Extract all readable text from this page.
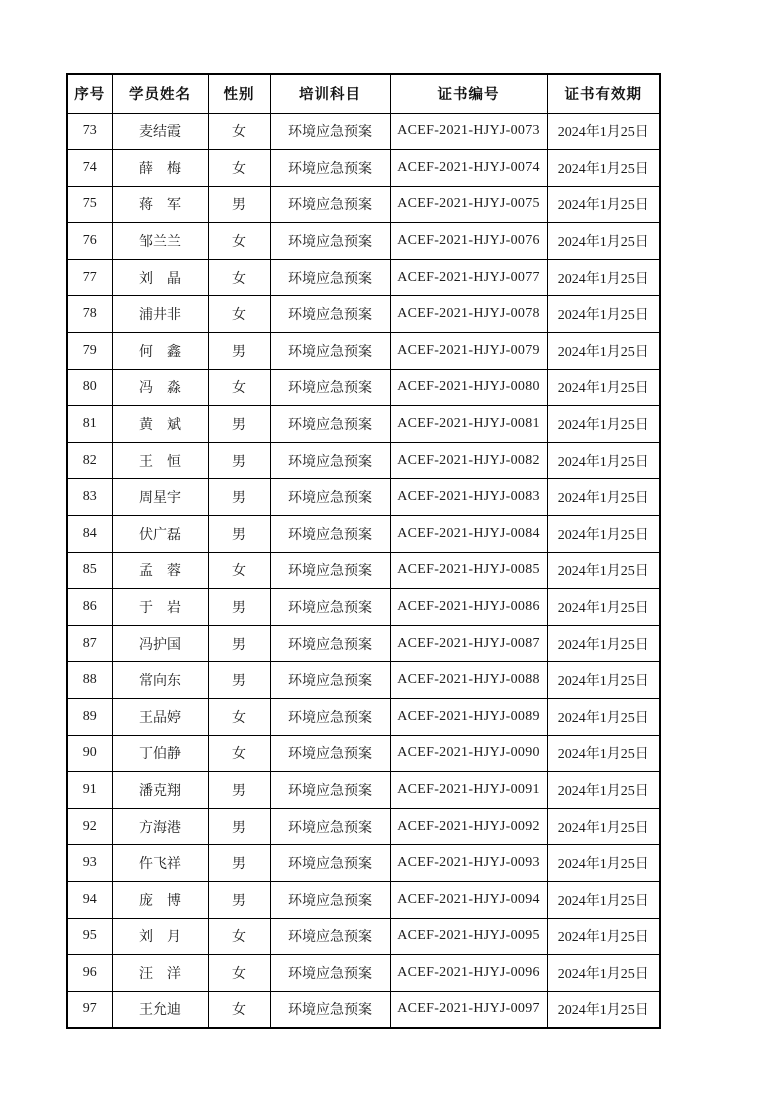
序号	学员姓名	性别	培训科目	证书编号	证书有效期
73	麦结霞	女	环境应急预案	ACEF-2021-HJYJ-0073	2024年1月25日
74	薛　梅	女	环境应急预案	ACEF-2021-HJYJ-0074	2024年1月25日
75	蒋　军	男	环境应急预案	ACEF-2021-HJYJ-0075	2024年1月25日
76	邹兰兰	女	环境应急预案	ACEF-2021-HJYJ-0076	2024年1月25日
77	刘　晶	女	环境应急预案	ACEF-2021-HJYJ-0077	2024年1月25日
78	浦井非	女	环境应急预案	ACEF-2021-HJYJ-0078	2024年1月25日
79	何　鑫	男	环境应急预案	ACEF-2021-HJYJ-0079	2024年1月25日
80	冯　淼	女	环境应急预案	ACEF-2021-HJYJ-0080	2024年1月25日
81	黄　斌	男	环境应急预案	ACEF-2021-HJYJ-0081	2024年1月25日
82	王　恒	男	环境应急预案	ACEF-2021-HJYJ-0082	2024年1月25日
83	周星宇	男	环境应急预案	ACEF-2021-HJYJ-0083	2024年1月25日
84	伏广磊	男	环境应急预案	ACEF-2021-HJYJ-0084	2024年1月25日
85	孟　蓉	女	环境应急预案	ACEF-2021-HJYJ-0085	2024年1月25日
86	于　岩	男	环境应急预案	ACEF-2021-HJYJ-0086	2024年1月25日
87	冯护国	男	环境应急预案	ACEF-2021-HJYJ-0087	2024年1月25日
88	常向东	男	环境应急预案	ACEF-2021-HJYJ-0088	2024年1月25日
89	王品婷	女	环境应急预案	ACEF-2021-HJYJ-0089	2024年1月25日
90	丁伯静	女	环境应急预案	ACEF-2021-HJYJ-0090	2024年1月25日
91	潘克翔	男	环境应急预案	ACEF-2021-HJYJ-0091	2024年1月25日
92	方海港	男	环境应急预案	ACEF-2021-HJYJ-0092	2024年1月25日
93	仵飞祥	男	环境应急预案	ACEF-2021-HJYJ-0093	2024年1月25日
94	庞　博	男	环境应急预案	ACEF-2021-HJYJ-0094	2024年1月25日
95	刘　月	女	环境应急预案	ACEF-2021-HJYJ-0095	2024年1月25日
96	汪　洋	女	环境应急预案	ACEF-2021-HJYJ-0096	2024年1月25日
97	王允迪	女	环境应急预案	ACEF-2021-HJYJ-0097	2024年1月25日
